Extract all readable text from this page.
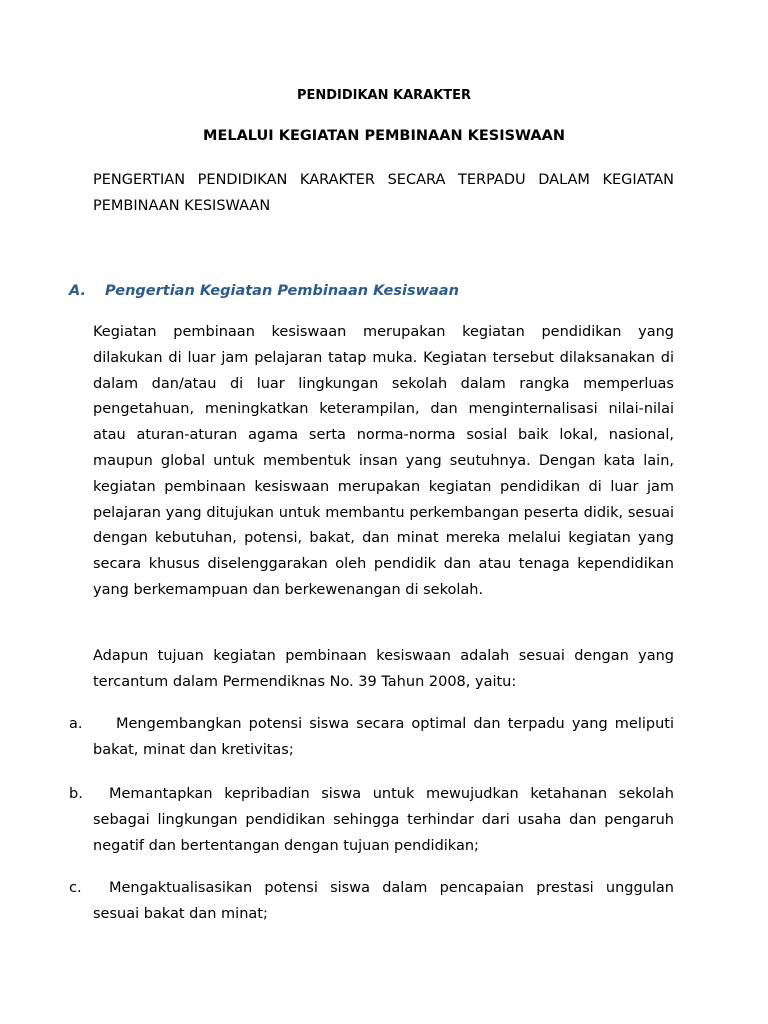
PENDIDIKAN KARAKTER
MELALUI KEGIATAN PEMBINAAN KESISWAAN
PENGERTIAN PENDIDIKAN KARAKTER SECARA TERPADU DALAM KEGIATAN PEMBINAAN KESISWAAN
A. Pengertian Kegiatan Pembinaan Kesiswaan

Kegiatan pembinaan kesiswaan merupakan kegiatan pendidikan yang dilakukan di luar jam pelajaran tatap muka. Kegiatan tersebut dilaksanakan di dalam dan/atau di luar lingkungan sekolah dalam rangka memperluas pengetahuan, meningkatkan keterampilan, dan menginternalisasi nilai-nilai atau aturan-aturan agama serta norma-norma sosial baik lokal, nasional, maupun global untuk membentuk insan yang seutuhnya. Dengan kata lain, kegiatan pembinaan kesiswaan merupakan kegiatan pendidikan di luar jam pelajaran yang ditujukan untuk membantu perkembangan peserta didik, sesuai dengan kebutuhan, potensi, bakat, dan minat mereka melalui kegiatan yang secara khusus diselenggarakan oleh pendidik dan atau tenaga kependidikan yang berkemampuan dan berkewenangan di sekolah.

Adapun tujuan kegiatan pembinaan kesiswaan adalah sesuai dengan yang tercantum dalam Permendiknas No. 39 Tahun 2008, yaitu:

a.	Mengembangkan potensi siswa secara optimal dan terpadu yang meliputi bakat, minat dan kretivitas;
b.	Memantapkan kepribadian siswa untuk mewujudkan ketahanan sekolah sebagai lingkungan pendidikan sehingga terhindar dari usaha dan pengaruh negatif dan bertentangan dengan tujuan pendidikan;
c.	Mengaktualisasikan potensi siswa dalam pencapaian prestasi unggulan sesuai bakat dan minat;
